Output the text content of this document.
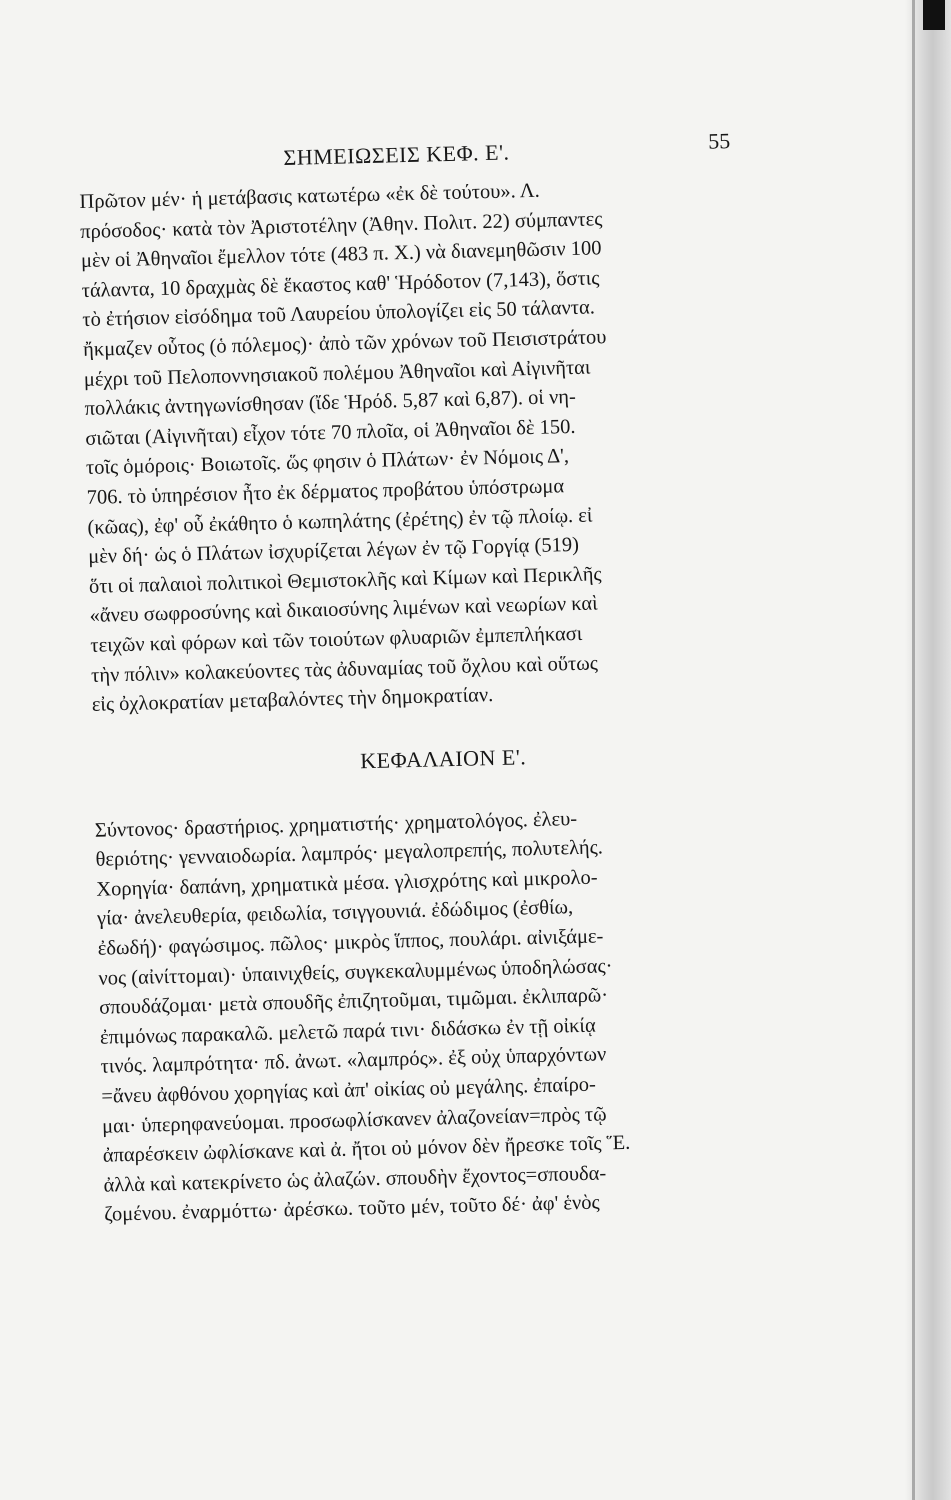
ΣΗΜΕΙΩΣΕΙΣ ΚΕΦ. Ε'.	55

Πρῶτον μέν· ἡ μετάβασις κατωτέρω «ἐκ δὲ τούτου». Λ.
πρόσοδος· κατὰ τὸν Ἀριστοτέλην (Ἀθην. Πολιτ. 22) σύμπαντες
μὲν οἱ Ἀθηναῖοι ἔμελλον τότε (483 π. Χ.) νὰ διανεμηθῶσιν 100
τάλαντα, 10 δραχμὰς δὲ ἕκαστος καθ' Ἡρόδοτον (7,143), ὅστις
τὸ ἐτήσιον εἰσόδημα τοῦ Λαυρείου ὑπολογίζει εἰς 50 τάλαντα.
ἤκμαζεν οὗτος (ὁ πόλεμος)· ἀπὸ τῶν χρόνων τοῦ Πεισιστράτου
μέχρι τοῦ Πελοποννησιακοῦ πολέμου Ἀθηναῖοι καὶ Αἰγινῆται
πολλάκις ἀντηγωνίσθησαν (ἴδε Ἡρόδ. 5,87 καὶ 6,87). οἱ νη-
σιῶται (Αἰγινῆται) εἶχον τότε 70 πλοῖα, οἱ Ἀθηναῖοι δὲ 150.
τοῖς ὁμόροις· Βοιωτοῖς. ὥς φησιν ὁ Πλάτων· ἐν Νόμοις Δ',
706. τὸ ὑπηρέσιον ἦτο ἐκ δέρματος προβάτου ὑπόστρωμα
(κῶας), ἐφ' οὗ ἐκάθητο ὁ κωπηλάτης (ἐρέτης) ἐν τῷ πλοίῳ. εἰ
μὲν δή· ὡς ὁ Πλάτων ἰσχυρίζεται λέγων ἐν τῷ Γοργίᾳ (519)
ὅτι οἱ παλαιοὶ πολιτικοὶ Θεμιστοκλῆς καὶ Κίμων καὶ Περικλῆς
«ἄνευ σωφροσύνης καὶ δικαιοσύνης λιμένων καὶ νεωρίων καὶ
τειχῶν καὶ φόρων καὶ τῶν τοιούτων φλυαριῶν ἐμπεπλήκασι
τὴν πόλιν» κολακεύοντες τὰς ἀδυναμίας τοῦ ὄχλου καὶ οὕτως
εἰς ὀχλοκρατίαν μεταβαλόντες τὴν δημοκρατίαν.

ΚΕΦΑΛΑΙΟΝ Ε'.

Σύντονος· δραστήριος. χρηματιστής· χρηματολόγος. ἐλευ-
θεριότης· γενναιοδωρία. λαμπρός· μεγαλοπρεπής, πολυτελής.
Χορηγία· δαπάνη, χρηματικὰ μέσα. γλισχρότης καὶ μικρολο-
γία· ἀνελευθερία, φειδωλία, τσιγγουνιά. ἐδώδιμος (ἐσθίω,
ἐδωδή)· φαγώσιμος. πῶλος· μικρὸς ἵππος, πουλάρι. αἰνιξάμε-
νος (αἰνίττομαι)· ὑπαινιχθείς, συγκεκαλυμμένως ὑποδηλώσας·
σπουδάζομαι· μετὰ σπουδῆς ἐπιζητοῦμαι, τιμῶμαι. ἐκλιπαρῶ·
ἐπιμόνως παρακαλῶ. μελετῶ παρά τινι· διδάσκω ἐν τῇ οἰκίᾳ
τινός. λαμπρότητα· πδ. ἀνωτ. «λαμπρός». ἐξ οὐχ ὑπαρχόντων
=ἄνευ ἀφθόνου χορηγίας καὶ ἀπ' οἰκίας οὐ μεγάλης. ἐπαίρο-
μαι· ὑπερηφανεύομαι. προσωφλίσκανεν ἀλαζονείαν=πρὸς τῷ
ἀπαρέσκειν ὠφλίσκανε καὶ ἀ. ἤτοι οὐ μόνον δὲν ἤρεσκε τοῖς Ἕ.
ἀλλὰ καὶ κατεκρίνετο ὡς ἀλαζών. σπουδὴν ἔχοντος=σπουδα-
ζομένου. ἐναρμόττω· ἀρέσκω. τοῦτο μέν, τοῦτο δέ· ἀφ' ἑνὸς
